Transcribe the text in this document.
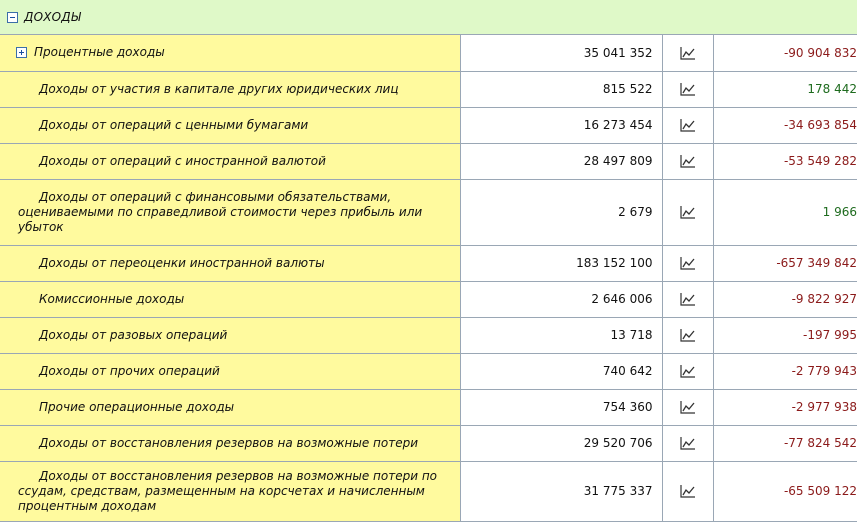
ДОХОДЫ
Процентные доходы	35 041 352		-90 904 832

Доходы от участия в капитале других юридических лиц	815 522		178 442

Доходы от операций с ценными бумагами	16 273 454		-34 693 854

Доходы от операций с иностранной валютой	28 497 809		-53 549 282

Доходы от операций с финансовыми обязательствами, оцениваемыми по справедливой стоимости через прибыль или убыток	2 679		1 966

Доходы от переоценки иностранной валюты	183 152 100		-657 349 842

Комиссионные доходы	2 646 006		-9 822 927

Доходы от разовых операций	13 718		-197 995

Доходы от прочих операций	740 642		-2 779 943

Прочие операционные доходы	754 360		-2 977 938

Доходы от восстановления резервов на возможные потери	29 520 706		-77 824 542

Доходы от восстановления резервов на возможные потери по ссудам, средствам, размещенным на корсчетах и начисленным процентным доходам	31 775 337		-65 509 122
